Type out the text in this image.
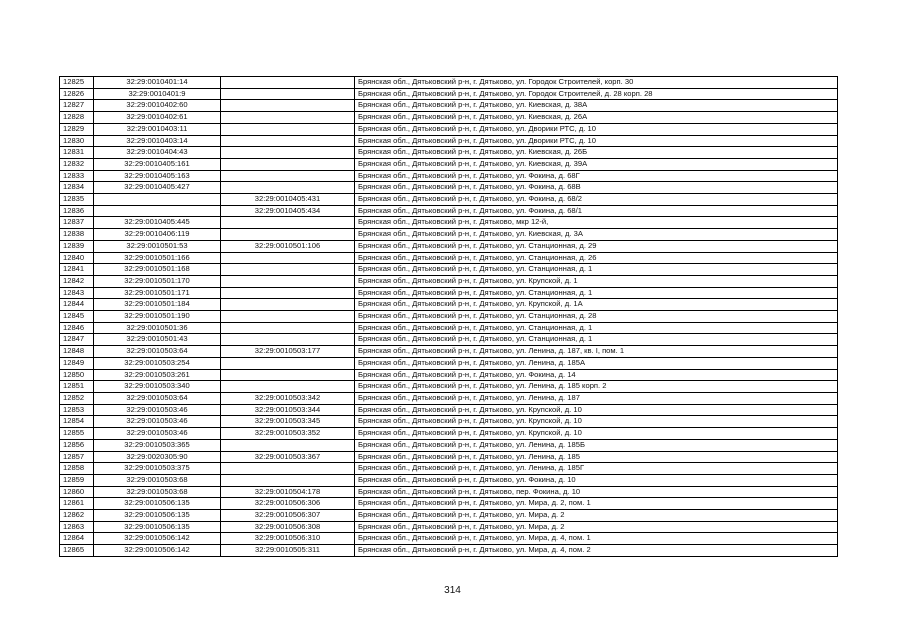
12825	32:29:0010401:14		Брянская обл., Дятьковский р-н, г. Дятьково, ул. Городок Строителей, корп. 30
12826	32:29:0010401:9		Брянская обл., Дятьковский р-н, г. Дятьково, ул. Городок Строителей, д. 28 корп. 28
12827	32:29:0010402:60		Брянская обл., Дятьковский р-н, г. Дятьково, ул. Киевская, д. 38А
12828	32:29:0010402:61		Брянская обл., Дятьковский р-н, г. Дятьково, ул. Киевская, д. 26А
12829	32:29:0010403:11		Брянская обл., Дятьковский р-н, г. Дятьково, ул. Дворики РТС, д. 10
12830	32:29:0010403:14		Брянская обл., Дятьковский р-н, г. Дятьково, ул. Дворики РТС, д. 10
12831	32:29:0010404:43		Брянская обл., Дятьковский р-н, г. Дятьково, ул. Киевская, д. 26Б
12832	32:29:0010405:161		Брянская обл., Дятьковский р-н, г. Дятьково, ул. Киевская, д. 39А
12833	32:29:0010405:163		Брянская обл., Дятьковский р-н, г. Дятьково, ул. Фокина, д. 68Г
12834	32:29:0010405:427		Брянская обл., Дятьковский р-н, г. Дятьково, ул. Фокина, д. 68В
12835		32:29:0010405:431	Брянская обл., Дятьковский р-н, г. Дятьково, ул. Фокина, д. 68/2
12836		32:29:0010405:434	Брянская обл., Дятьковский р-н, г. Дятьково, ул. Фокина, д. 68/1
12837	32:29:0010405:445		Брянская обл., Дятьковский р-н, г. Дятьково, мкр 12-й,
12838	32:29:0010406:119		Брянская обл., Дятьковский р-н, г. Дятьково, ул. Киевская, д. 3А
12839	32:29:0010501:53	32:29:0010501:106	Брянская обл., Дятьковский р-н, г. Дятьково, ул. Станционная, д. 29
12840	32:29:0010501:166		Брянская обл., Дятьковский р-н, г. Дятьково, ул. Станционная, д. 26
12841	32:29:0010501:168		Брянская обл., Дятьковский р-н, г. Дятьково, ул. Станционная, д. 1
12842	32:29:0010501:170		Брянская обл., Дятьковский р-н, г. Дятьково, ул. Крупской, д. 1
12843	32:29:0010501:171		Брянская обл., Дятьковский р-н, г. Дятьково, ул. Станционная, д. 1
12844	32:29:0010501:184		Брянская обл., Дятьковский р-н, г. Дятьково, ул. Крупской, д. 1А
12845	32:29:0010501:190		Брянская обл., Дятьковский р-н, г. Дятьково, ул. Станционная, д. 28
12846	32:29:0010501:36		Брянская обл., Дятьковский р-н, г. Дятьково, ул. Станционная, д. 1
12847	32:29:0010501:43		Брянская обл., Дятьковский р-н, г. Дятьково, ул. Станционная, д. 1
12848	32:29:0010503:64	32:29:0010503:177	Брянская обл., Дятьковский р-н, г. Дятьково, ул. Ленина, д. 187, кв. I, пом. 1
12849	32:29:0010503:254		Брянская обл., Дятьковский р-н, г. Дятьково, ул. Ленина, д. 185А
12850	32:29:0010503:261		Брянская обл., Дятьковский р-н, г. Дятьково, ул. Фокина, д. 14
12851	32:29:0010503:340		Брянская обл., Дятьковский р-н, г. Дятьково, ул. Ленина, д. 185 корп. 2
12852	32:29:0010503:64	32:29:0010503:342	Брянская обл., Дятьковский р-н, г. Дятьково, ул. Ленина, д. 187
12853	32:29:0010503:46	32:29:0010503:344	Брянская обл., Дятьковский р-н, г. Дятьково, ул. Крупской, д. 10
12854	32:29:0010503:46	32:29:0010503:345	Брянская обл., Дятьковский р-н, г. Дятьково, ул. Крупской, д. 10
12855	32:29:0010503:46	32:29:0010503:352	Брянская обл., Дятьковский р-н, г. Дятьково, ул. Крупской, д. 10
12856	32:29:0010503:365		Брянская обл., Дятьковский р-н, г. Дятьково, ул. Ленина, д. 185Б
12857	32:29:0020305:90	32:29:0010503:367	Брянская обл., Дятьковский р-н, г. Дятьково, ул. Ленина, д. 185
12858	32:29:0010503:375		Брянская обл., Дятьковский р-н, г. Дятьково, ул. Ленина, д. 185Г
12859	32:29:0010503:68		Брянская обл., Дятьковский р-н, г. Дятьково, ул. Фокина, д. 10
12860	32:29:0010503:68	32:29:0010504:178	Брянская обл., Дятьковский р-н, г. Дятьково, пер. Фокина, д. 10
12861	32:29:0010506:135	32:29:0010506:306	Брянская обл., Дятьковский р-н, г. Дятьково, ул. Мира, д. 2, пом. 1
12862	32:29:0010506:135	32:29:0010506:307	Брянская обл., Дятьковский р-н, г. Дятьково, ул. Мира, д. 2
12863	32:29:0010506:135	32:29:0010506:308	Брянская обл., Дятьковский р-н, г. Дятьково, ул. Мира, д. 2
12864	32:29:0010506:142	32:29:0010506:310	Брянская обл., Дятьковский р-н, г. Дятьково, ул. Мира, д. 4, пом. 1
12865	32:29:0010506:142	32:29:0010505:311	Брянская обл., Дятьковский р-н, г. Дятьково, ул. Мира, д. 4, пом. 2
314
